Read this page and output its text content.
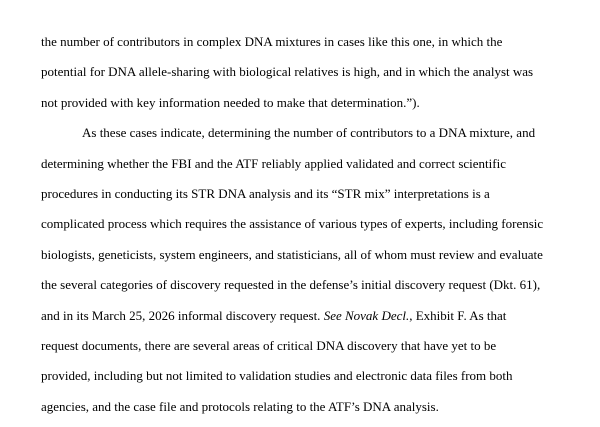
the number of contributors in complex DNA mixtures in cases like this one, in which the
potential for DNA allele-sharing with biological relatives is high, and in which the analyst was
not provided with key information needed to make that determination.”).
As these cases indicate, determining the number of contributors to a DNA mixture, and
determining whether the FBI and the ATF reliably applied validated and correct scientific
procedures in conducting its STR DNA analysis and its “STR mix” interpretations is a
complicated process which requires the assistance of various types of experts, including forensic
biologists, geneticists, system engineers, and statisticians, all of whom must review and evaluate
the several categories of discovery requested in the defense’s initial discovery request (Dkt. 61),
and in its March 25, 2026 informal discovery request. See Novak Decl., Exhibit F. As that
request documents, there are several areas of critical DNA discovery that have yet to be
provided, including but not limited to validation studies and electronic data files from both
agencies, and the case file and protocols relating to the ATF’s DNA analysis.
